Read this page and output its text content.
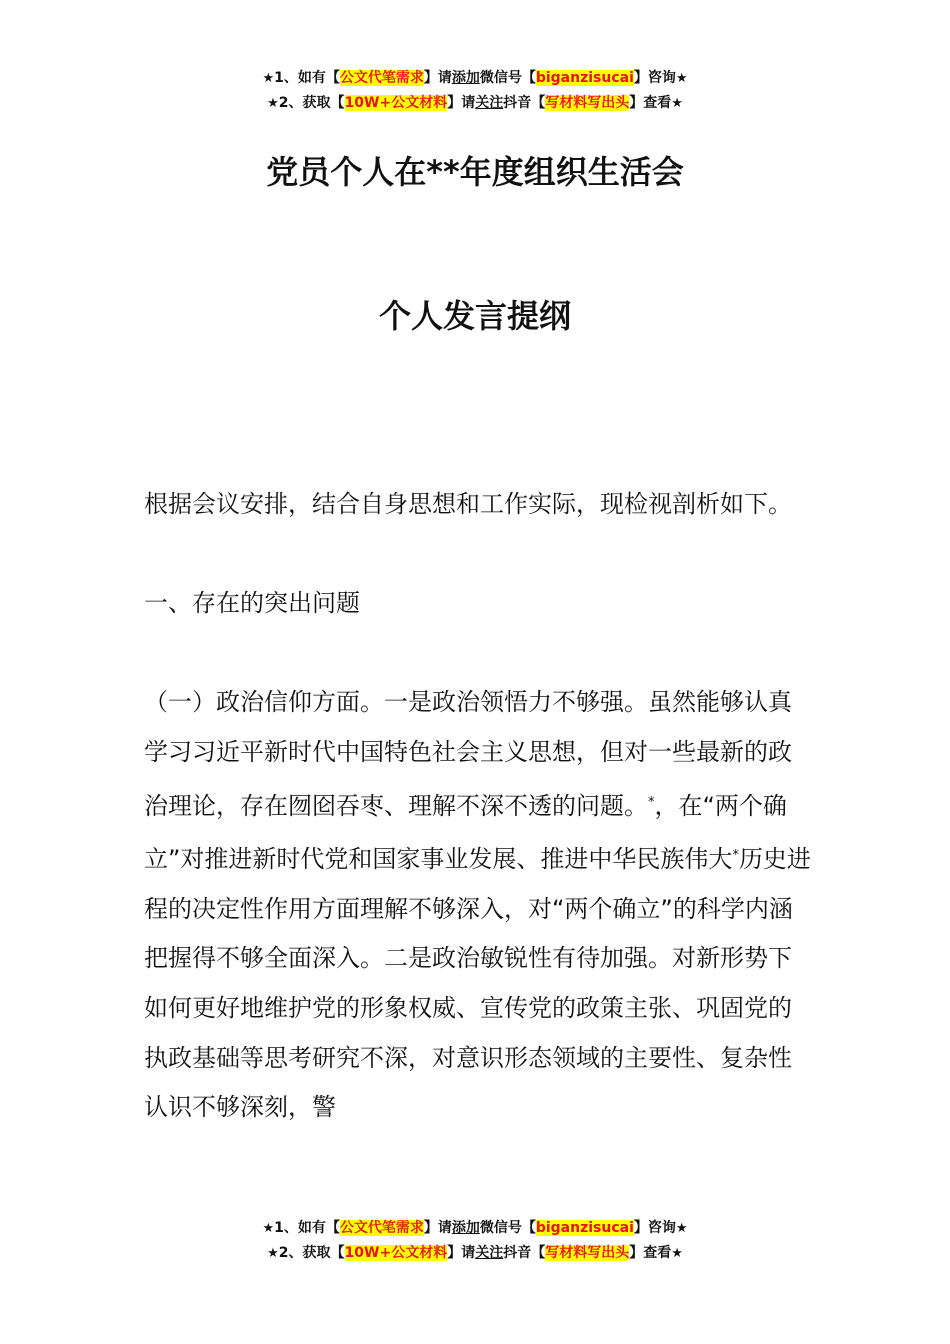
★1、如有【公文代笔需求】请添加微信号【biganzisucai】咨询★
★2、获取【10W+公文材料】请关注抖音【写材料写出头】查看★
党员个人在**年度组织生活会
个人发言提纲

根据会议安排，结合自身思想和工作实际，现检视剖析如下。

一、存在的突出问题

（一）政治信仰方面。一是政治领悟力不够强。虽然能够认真学习习近平新时代中国特色社会主义思想，但对一些最新的政治理论，存在囫囵吞枣、理解不深不透的问题。*，在“两个确立”对推进新时代党和国家事业发展、推进中华民族伟大*历史进程的决定性作用方面理解不够深入，对“两个确立”的科学内涵把握得不够全面深入。二是政治敏锐性有待加强。对新形势下如何更好地维护党的形象权威、宣传党的政策主张、巩固党的执政基础等思考研究不深，对意识形态领域的主要性、复杂性认识不够深刻，警

★1、如有【公文代笔需求】请添加微信号【biganzisucai】咨询★
★2、获取【10W+公文材料】请关注抖音【写材料写出头】查看★
